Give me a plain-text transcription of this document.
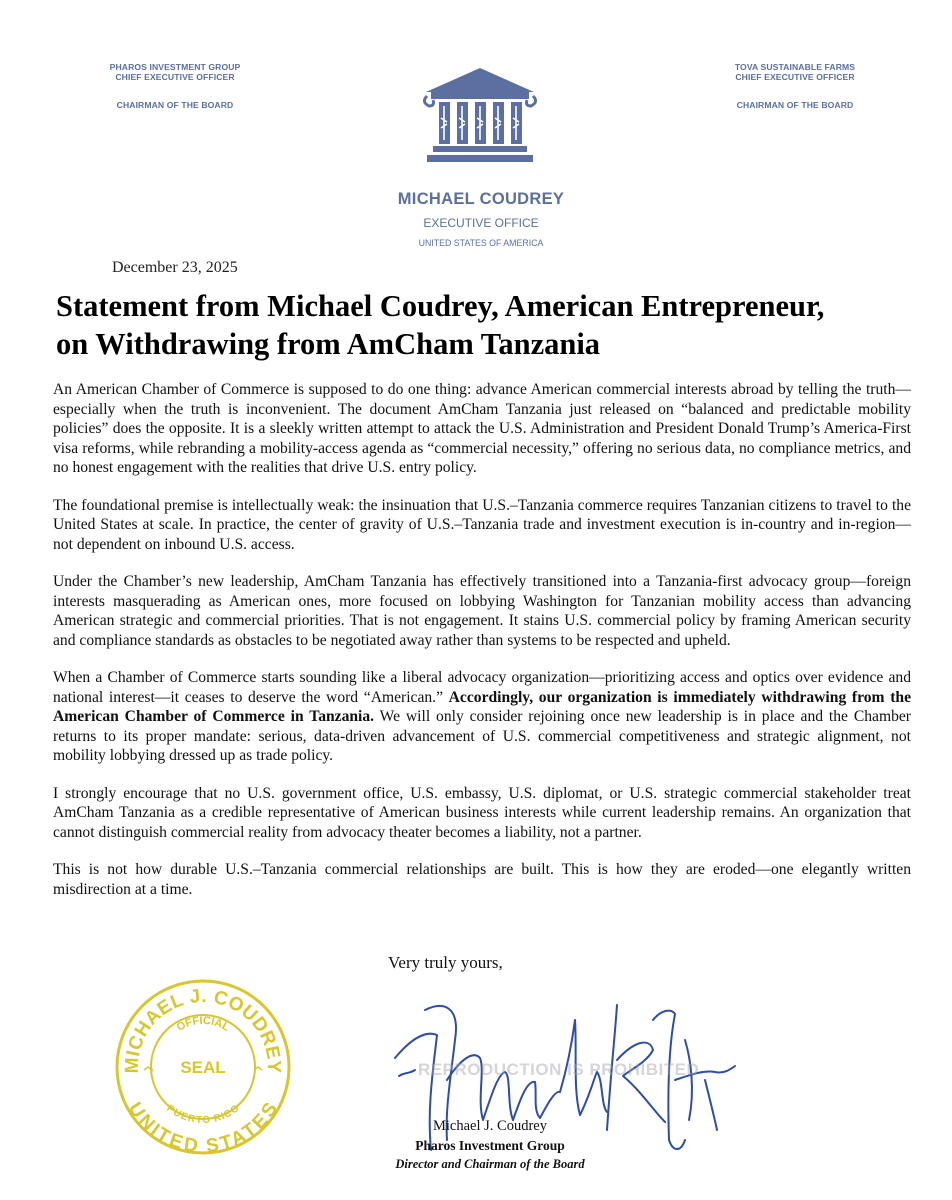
PHAROS INVESTMENT GROUP
CHIEF EXECUTIVE OFFICER
CHAIRMAN OF THE BOARD
MICHAEL COUDREY
EXECUTIVE OFFICE
UNITED STATES OF AMERICA
TOVA SUSTAINABLE FARMS
CHIEF EXECUTIVE OFFICER
CHAIRMAN OF THE BOARD
December 23, 2025
Statement from Michael Coudrey, American Entrepreneur,
on Withdrawing from AmCham Tanzania

An American Chamber of Commerce is supposed to do one thing: advance American commercial interests abroad by telling the truth—especially when the truth is inconvenient. The document AmCham Tanzania just released on “balanced and predictable mobility policies” does the opposite. It is a sleekly written attempt to attack the U.S. Administration and President Donald Trump’s America-First visa reforms, while rebranding a mobility-access agenda as “commercial necessity,” offering no serious data, no compliance metrics, and no honest engagement with the realities that drive U.S. entry policy.

The foundational premise is intellectually weak: the insinuation that U.S.–Tanzania commerce requires Tanzanian citizens to travel to the United States at scale. In practice, the center of gravity of U.S.–Tanzania trade and investment execution is in-country and in-region—not dependent on inbound U.S. access.

Under the Chamber’s new leadership, AmCham Tanzania has effectively transitioned into a Tanzania-first advocacy group—foreign interests masquerading as American ones, more focused on lobbying Washington for Tanzanian mobility access than advancing American strategic and commercial priorities. That is not engagement. It stains U.S. commercial policy by framing American security and compliance standards as obstacles to be negotiated away rather than systems to be respected and upheld.

When a Chamber of Commerce starts sounding like a liberal advocacy organization—prioritizing access and optics over evidence and national interest—it ceases to deserve the word “American.” Accordingly, our organization is immediately withdrawing from the American Chamber of Commerce in Tanzania. We will only consider rejoining once new leadership is in place and the Chamber returns to its proper mandate: serious, data-driven advancement of U.S. commercial competitiveness and strategic alignment, not mobility lobbying dressed up as trade policy.

I strongly encourage that no U.S. government office, U.S. embassy, U.S. diplomat, or U.S. strategic commercial stakeholder treat AmCham Tanzania as a credible representative of American business interests while current leadership remains. An organization that cannot distinguish commercial reality from advocacy theater becomes a liability, not a partner.

This is not how durable U.S.–Tanzania commercial relationships are built. This is how they are eroded—one elegantly written misdirection at a time.

Very truly yours,
MICHAEL J. COUDREY
UNITED STATES
OFFICIAL
PUERTO RICO
SEAL	REPRODUCTION IS PROHIBITED
Michael J. Coudrey
Pharos Investment Group
Director and Chairman of the Board
